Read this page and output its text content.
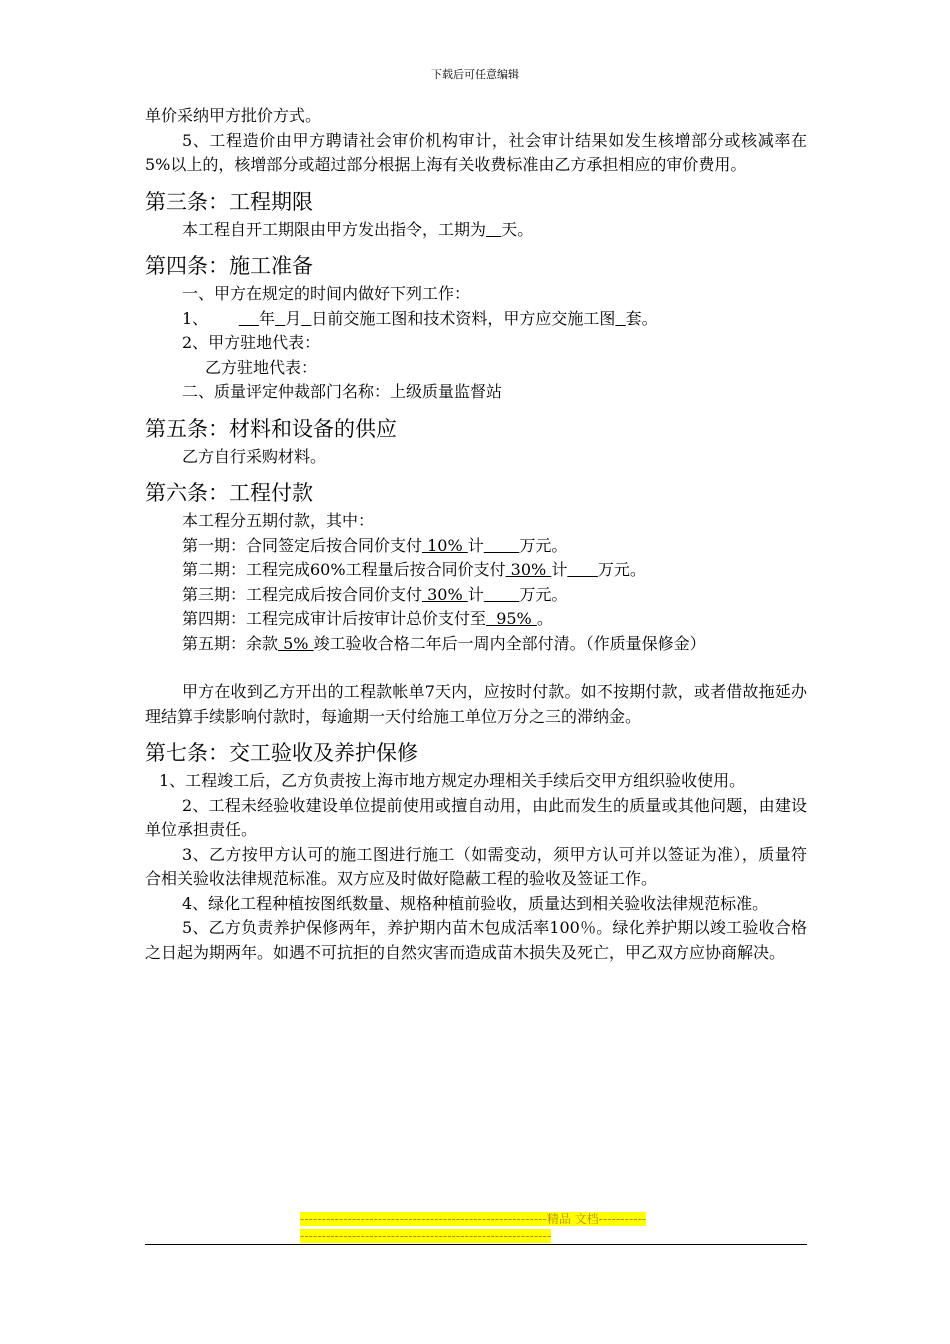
下载后可任意编辑

单价采纳甲方批价方式。

5、工程造价由甲方聘请社会审价机构审计，社会审计结果如发生核增部分或核减率在5%以上的，核增部分或超过部分根据上海有关收费标准由乙方承担相应的审价费用。

第三条：工程期限

本工程自开工期限由甲方发出指令，工期为 天。

第四条：施工准备

一、甲方在规定的时间内做好下列工作：

1、          年 月 日前交施工图和技术资料，甲方应交施工图 套。

2、甲方驻地代表：

乙方驻地代表：

二、质量评定仲裁部门名称：上级质量监督站

第五条：材料和设备的供应

乙方自行采购材料。

第六条：工程付款

本工程分五期付款，其中：

第一期：合同签定后按合同价支付 10% 计 万元。

第二期：工程完成60%工程量后按合同价支付 30% 计 万元。

第三期：工程完成后按合同价支付 30% 计 万元。

第四期：工程完成审计后按审计总价支付至  95% 。

第五期：余款 5% 竣工验收合格二年后一周内全部付清。（作质量保修金）

甲方在收到乙方开出的工程款帐单7天内，应按时付款。如不按期付款，或者借故拖延办理结算手续影响付款时，每逾期一天付给施工单位万分之三的滞纳金。

第七条：交工验收及养护保修

1、工程竣工后，乙方负责按上海市地方规定办理相关手续后交甲方组织验收使用。

2、工程未经验收建设单位提前使用或擅自动用，由此而发生的质量或其他问题，由建设单位承担责任。

3、乙方按甲方认可的施工图进行施工（如需变动，须甲方认可并以签证为准），质量符合相关验收法律规范标准。双方应及时做好隐蔽工程的验收及签证工作。

4、绿化工程种植按图纸数量、规格种植前验收，质量达到相关验收法律规范标准。

5、乙方负责养护保修两年，养护期内苗木包成活率100％。绿化养护期以竣工验收合格之日起为期两年。如遇不可抗拒的自然灾害而造成苗木损失及死亡，甲乙双方应协商解决。

---------------------------------------------------------精品 文档---------------------------------------------------------------------
